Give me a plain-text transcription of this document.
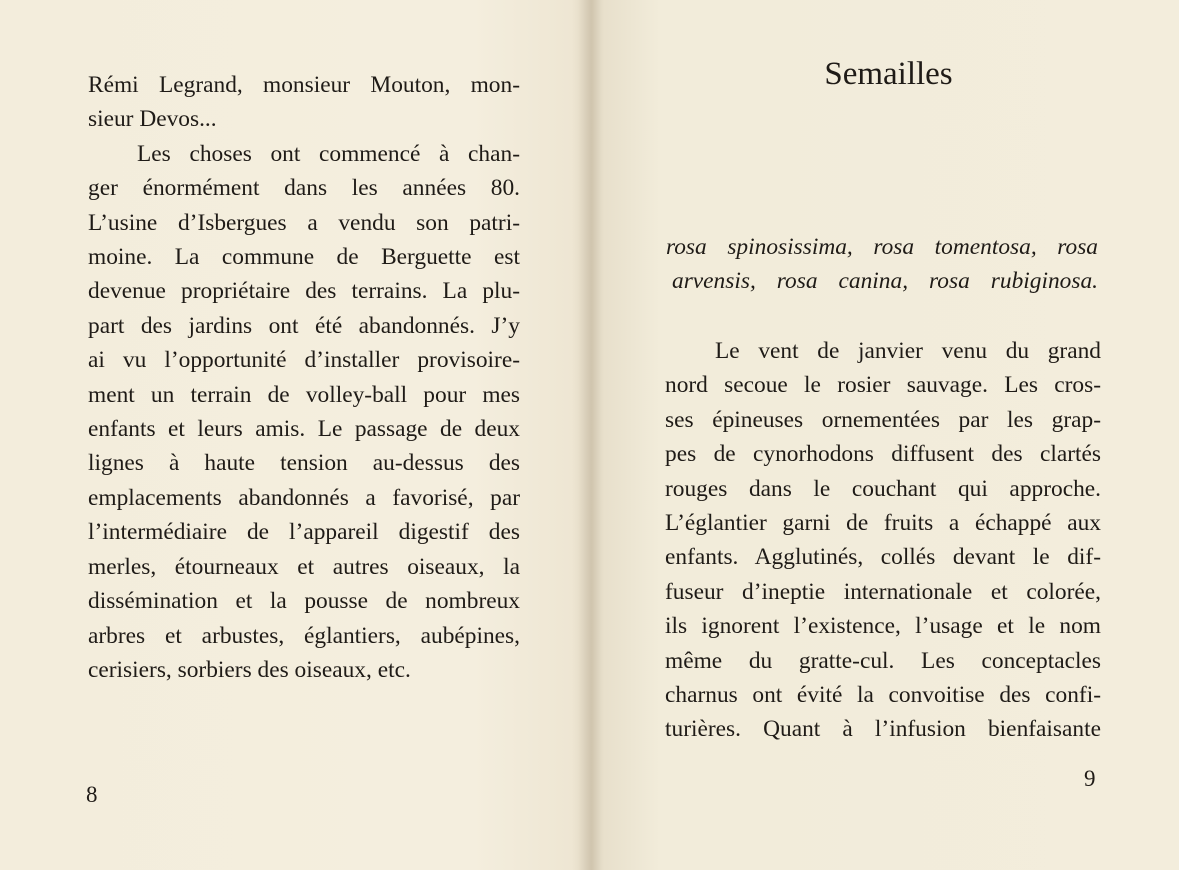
Rémi Legrand, monsieur Mouton, mon-
sieur Devos...

Les choses ont commencé à chan-
ger énormément dans les années 80.
L’usine d’Isbergues a vendu son patri-
moine. La commune de Berguette est
devenue propriétaire des terrains. La plu-
part des jardins ont été abandonnés. J’y
ai vu l’opportunité d’installer provisoire-
ment un terrain de volley-ball pour mes
enfants et leurs amis. Le passage de deux
lignes à haute tension au-dessus des
emplacements abandonnés a favorisé, par
l’intermédiaire de l’appareil digestif des
merles, étourneaux et autres oiseaux, la
dissémination et la pousse de nombreux
arbres et arbustes, églantiers, aubépines,
cerisiers, sorbiers des oiseaux, etc.

8
Semailles
rosa spinosissima, rosa tomentosa, rosa
arvensis, rosa canina, rosa rubiginosa.

Le vent de janvier venu du grand
nord secoue le rosier sauvage. Les cros-
ses épineuses ornementées par les grap-
pes de cynorhodons diffusent des clartés
rouges dans le couchant qui approche.
L’églantier garni de fruits a échappé aux
enfants. Agglutinés, collés devant le dif-
fuseur d’ineptie internationale et colorée,
ils ignorent l’existence, l’usage et le nom
même du gratte-cul. Les conceptacles
charnus ont évité la convoitise des confi-
turières. Quant à l’infusion bienfaisante

9
